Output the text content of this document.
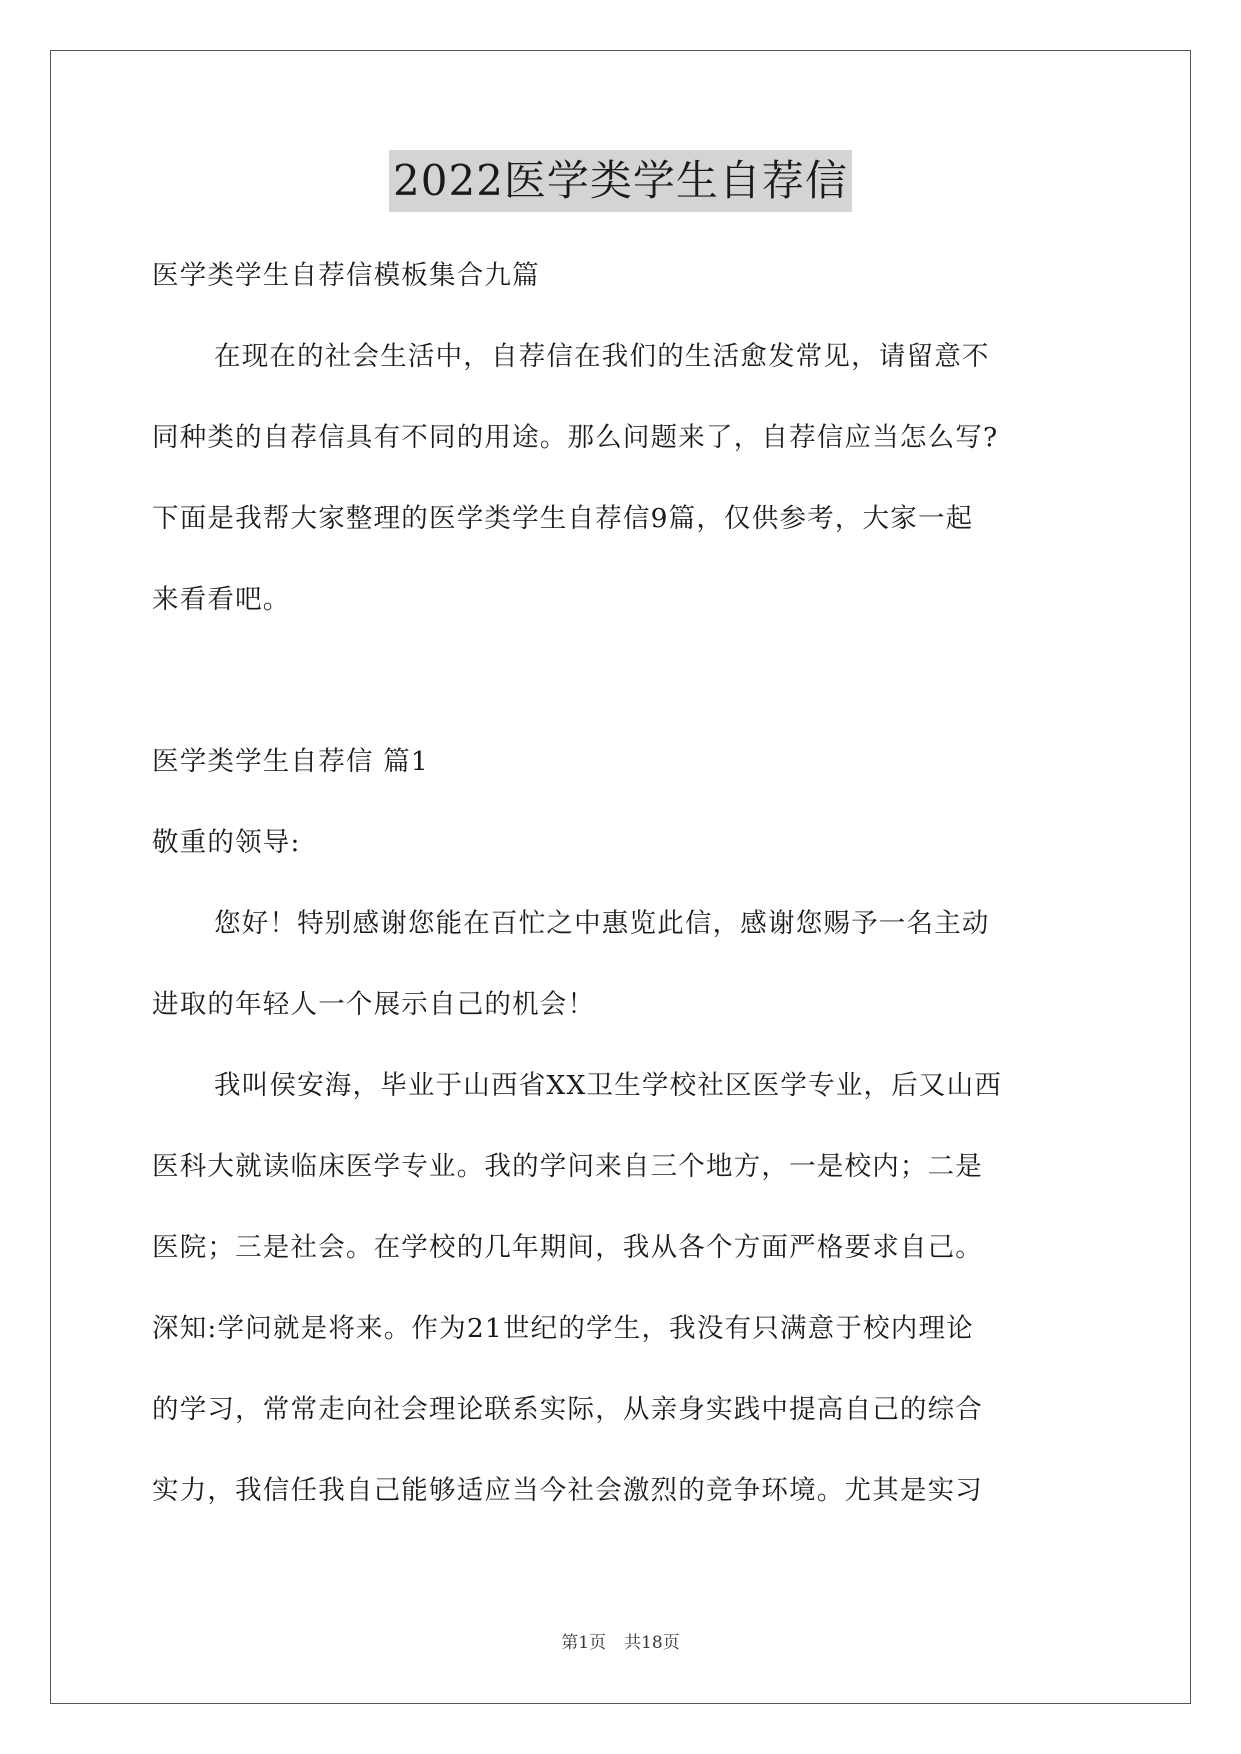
2022医学类学生自荐信
医学类学生自荐信模板集合九篇
在现在的社会生活中，自荐信在我们的生活愈发常见，请留意不
同种类的自荐信具有不同的用途。那么问题来了，自荐信应当怎么写?
下面是我帮大家整理的医学类学生自荐信9篇，仅供参考，大家一起
来看看吧。
医学类学生自荐信 篇1
敬重的领导:
您好！特别感谢您能在百忙之中惠览此信，感谢您赐予一名主动
进取的年轻人一个展示自己的机会！
我叫侯安海，毕业于山西省XX卫生学校社区医学专业，后又山西
医科大就读临床医学专业。我的学问来自三个地方，一是校内；二是
医院；三是社会。在学校的几年期间，我从各个方面严格要求自己。
深知:学问就是将来。作为21世纪的学生，我没有只满意于校内理论
的学习，常常走向社会理论联系实际，从亲身实践中提高自己的综合
实力，我信任我自己能够适应当今社会激烈的竞争环境。尤其是实习
第1页 共18页
